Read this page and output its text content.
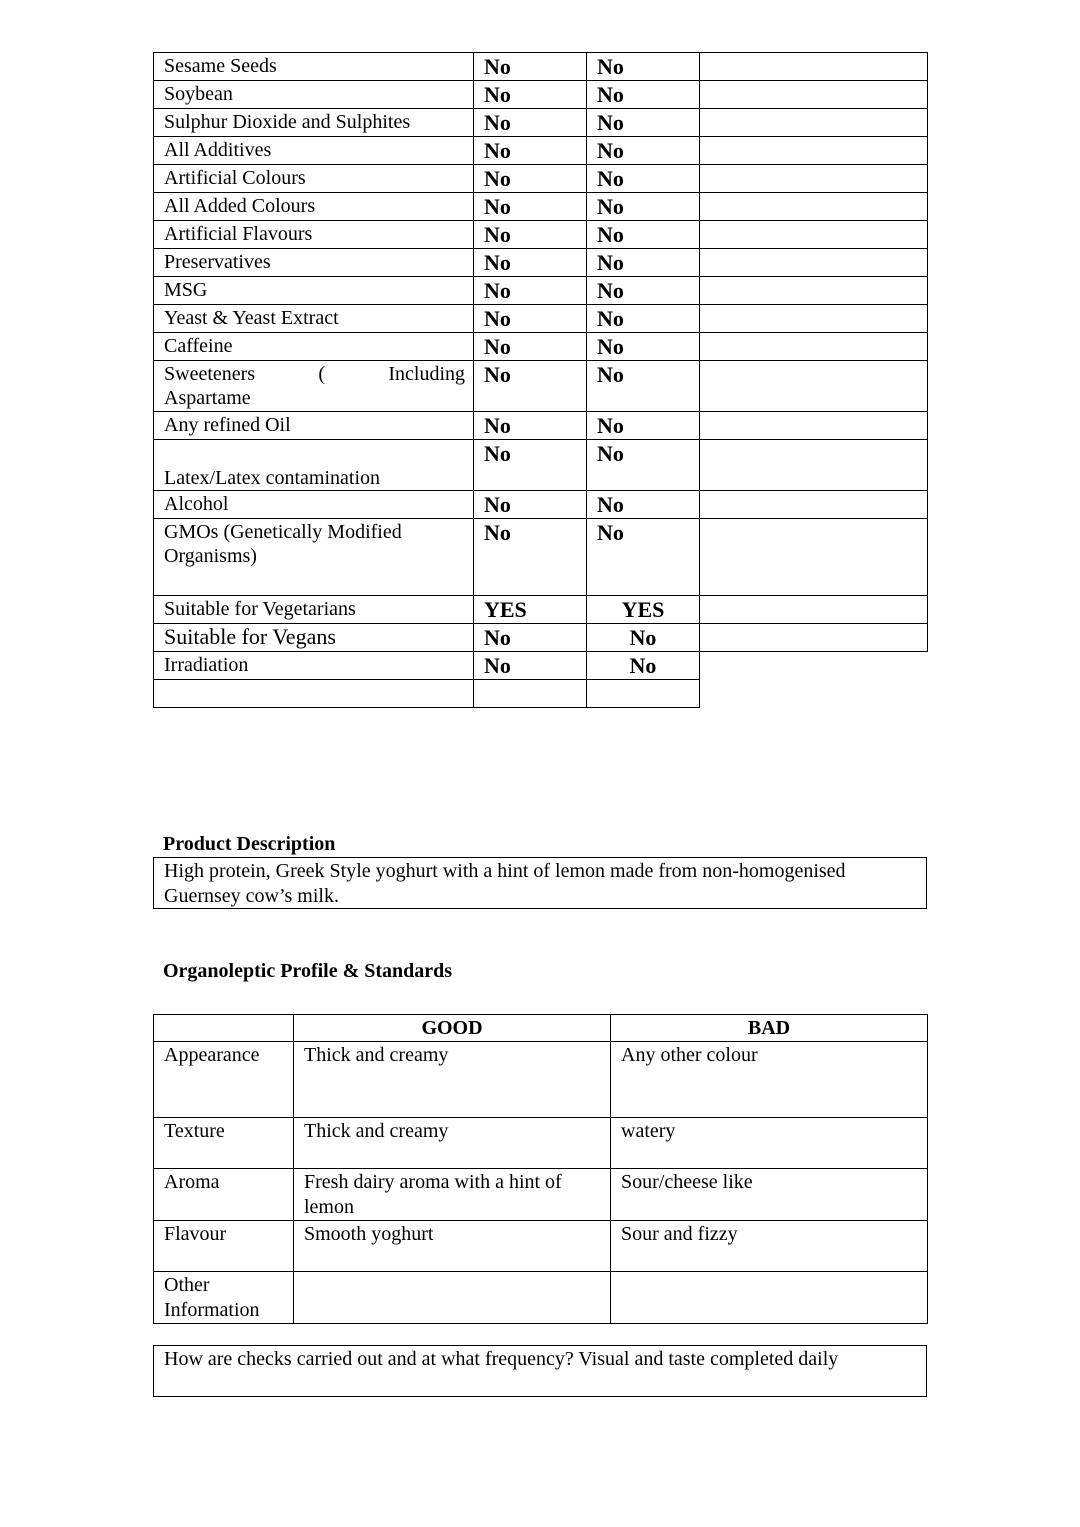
Sesame Seeds	No	No	
Soybean	No	No	
Sulphur Dioxide and Sulphites	No	No	
All Additives	No	No	
Artificial Colours	No	No	
All Added Colours	No	No	
Artificial Flavours	No	No	
Preservatives	No	No	
MSG	No	No	
Yeast & Yeast Extract	No	No	
Caffeine	No	No	

Sweeteners ( Including
Aspartame	No	No	
Any refined Oil	No	No	
Latex/Latex contamination	No	No	
Alcohol	No	No	
GMOs (Genetically Modified Organisms)	No	No	
Suitable for Vegetarians	YES	YES	
Suitable for Vegans	No	No	
Irradiation	No	No	

Product Description
High protein, Greek Style yoghurt with a hint of lemon made from non-homogenised Guernsey cow’s milk.
Organoleptic Profile & Standards
	GOOD	BAD
Appearance	Thick and creamy	Any other colour
Texture	Thick and creamy	watery
Aroma	Fresh dairy aroma with a hint of lemon	Sour/cheese like
Flavour	Smooth yoghurt	Sour and fizzy
Other Information		
How are checks carried out and at what frequency? Visual and taste completed daily
